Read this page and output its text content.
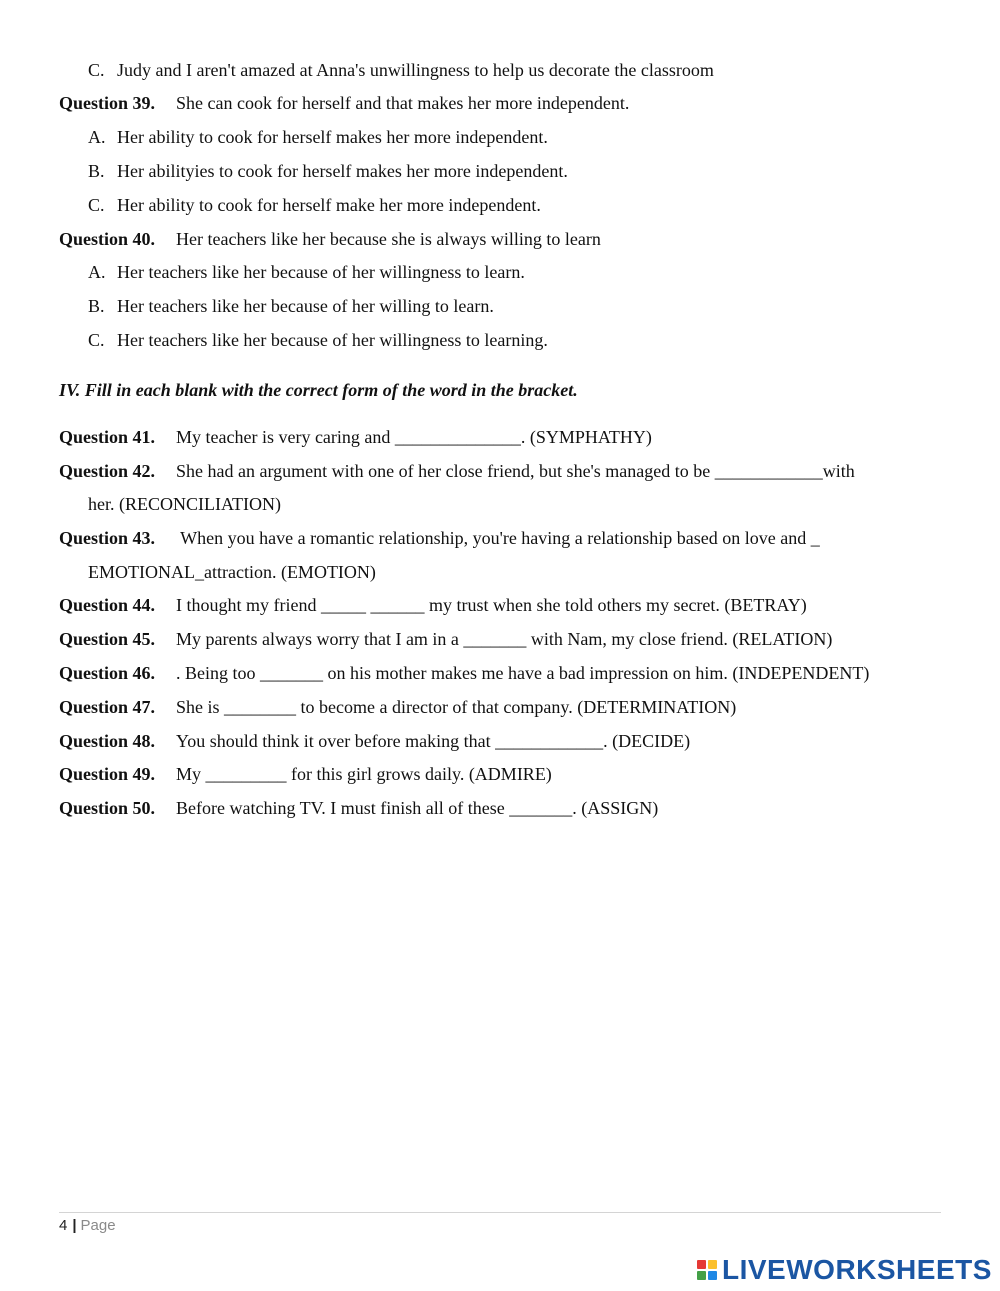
C. Judy and I aren't amazed at Anna's unwillingness to help us decorate the classroom
Question 39. She can cook for herself and that makes her more independent.
A. Her ability to cook for herself makes her more independent.
B. Her abilityies to cook for herself makes her more independent.
C. Her ability to cook for herself make her more independent.
Question 40. Her teachers like her because she is always willing to learn
A. Her teachers like her because of her willingness to learn.
B. Her teachers like her because of her willing to learn.
C. Her teachers like her because of her willingness to learning.
IV. Fill in each blank with the correct form of the word in the bracket.
Question 41. My teacher is very caring and ______________. (SYMPHATHY)
Question 42. She had an argument with one of her close friend, but she's managed to be ____________with
her. (RECONCILIATION)
Question 43. When you have a romantic relationship, you're having a relationship based on love and _
EMOTIONAL_attraction. (EMOTION)
Question 44. I thought my friend _____ ______ my trust when she told others my secret. (BETRAY)
Question 45. My parents always worry that I am in a _______ with Nam, my close friend. (RELATION)
Question 46. . Being too _______ on his mother makes me have a bad impression on him. (INDEPENDENT)
Question 47. She is ________ to become a director of that company. (DETERMINATION)
Question 48. You should think it over before making that ____________. (DECIDE)
Question 49. My _________ for this girl grows daily. (ADMIRE)
Question 50. Before watching TV. I must finish all of these _______. (ASSIGN)
4 | Page
LIVEWORKSHEETS
